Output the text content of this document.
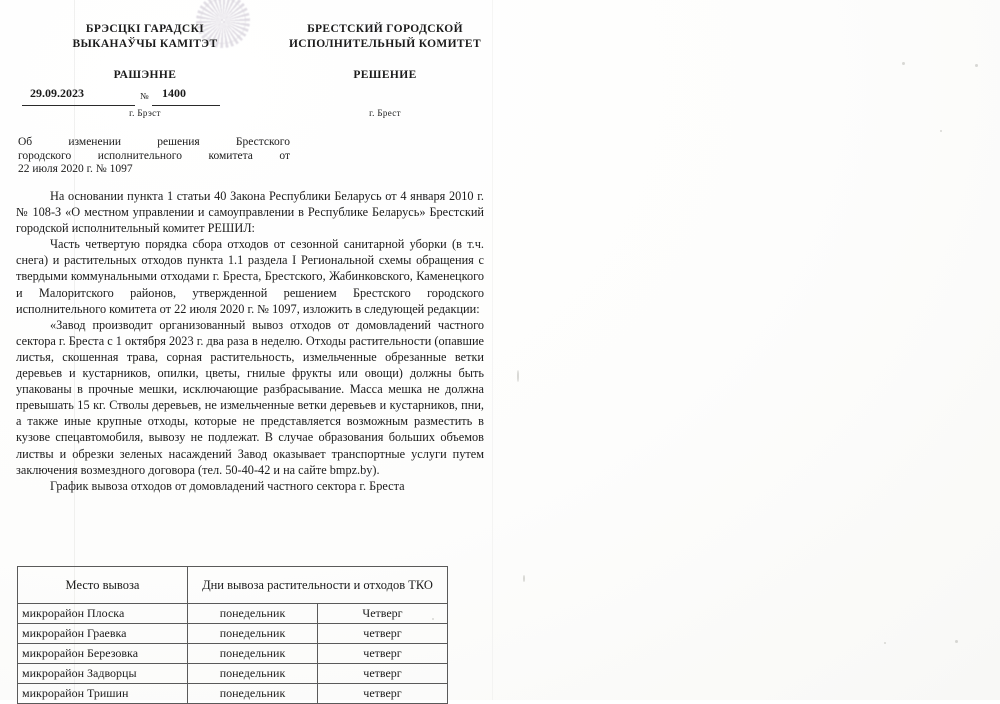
БРЭСЦКІ ГАРАДСКІ
ВЫКАНАЎЧЫ КАМІТЭТ
РАШЭННЕ
г. Брэст
БРЕСТСКИЙ ГОРОДСКОЙ
ИСПОЛНИТЕЛЬНЫЙ КОМИТЕТ
РЕШЕНИЕ
г. Брест
29.09.2023	№ 1400
Об	изменении	решения	Брестского
городского исполнительного комитета от
22 июля 2020 г. № 1097

На основании пункта 1 статьи 40 Закона Республики Беларусь от 4 января 2010 г. № 108-З «О местном управлении и самоуправлении в Республике Беларусь» Брестский городской исполнительный комитет РЕШИЛ:

Часть четвертую порядка сбора отходов от сезонной санитарной уборки (в т.ч. снега) и растительных отходов пункта 1.1 раздела I Региональной схемы обращения с твердыми коммунальными отходами г. Бреста, Брестского, Жабинковского, Каменецкого и Малоритского районов, утвержденной решением Брестского городского исполнительного комитета от 22 июля 2020 г. № 1097, изложить в следующей редакции:

«Завод производит организованный вывоз отходов от домовладений частного сектора г. Бреста с 1 октября 2023 г. два раза в неделю. Отходы растительности (опавшие листья, скошенная трава, сорная растительность, измельченные обрезанные ветки деревьев и кустарников, опилки, цветы, гнилые фрукты или овощи) должны быть упакованы в прочные мешки, исключающие разбрасывание. Масса мешка не должна превышать 15 кг. Стволы деревьев, не измельченные ветки деревьев и кустарников, пни, а также иные крупные отходы, которые не представляется возможным разместить в кузове спецавтомобиля, вывозу не подлежат. В случае образования больших объемов листвы и обрезки зеленых насаждений Завод оказывает транспортные услуги путем заключения возмездного договора (тел. 50-40-42 и на сайте bmpz.by).

График вывоза отходов от домовладений частного сектора г. Бреста

Место вывоза	Дни вывоза растительности и отходов ТКО	
микрорайон Плоска	понедельник	Четверг
микрорайон Граевка	понедельник	четверг
микрорайон Березовка	понедельник	четверг
микрорайон Задворцы	понедельник	четверг
микрорайон Тришин	понедельник	четверг
